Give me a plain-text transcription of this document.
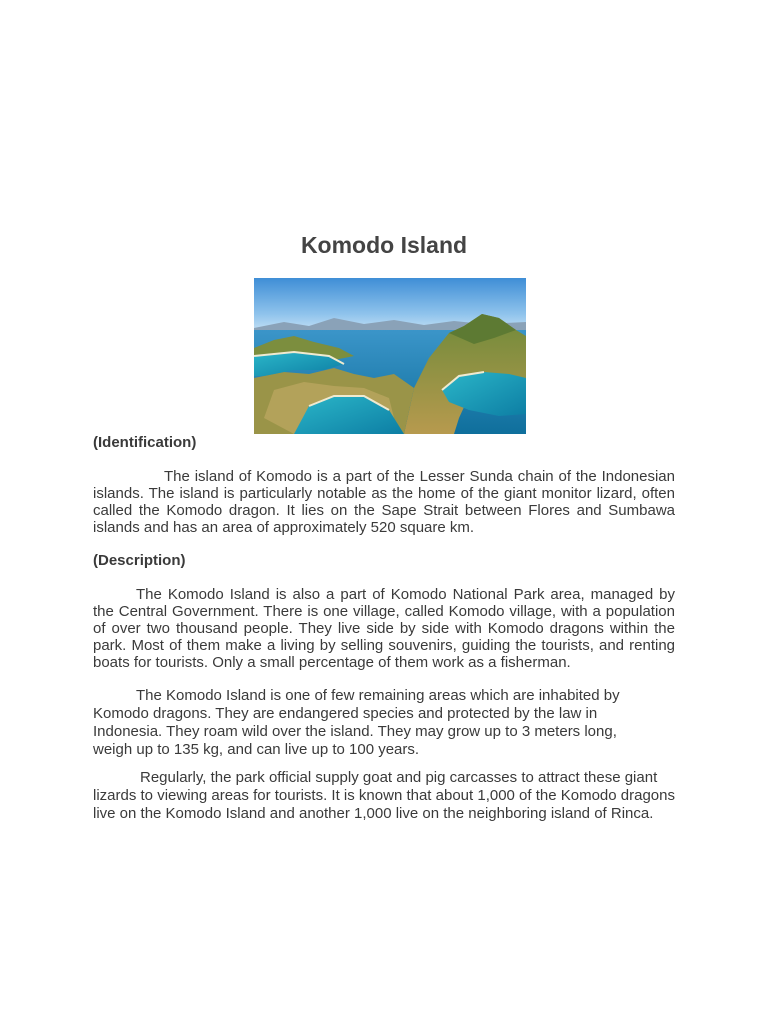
Komodo Island

(Identification)

The island of Komodo is a part of the Lesser Sunda chain of the Indonesian islands. The island is particularly notable as the home of the giant monitor lizard, often called the Komodo dragon. It lies on the Sape Strait between Flores and Sumbawa islands and has an area of approximately 520 square km.

(Description)

The Komodo Island is also a part of Komodo National Park area, managed by the Central Government. There is one village, called Komodo village, with a population of over two thousand people. They live side by side with Komodo dragons within the park. Most of them make a living by selling souvenirs, guiding the tourists, and renting boats for tourists. Only a small percentage of them work as a fisherman.

The Komodo Island is one of few remaining areas which are inhabited by Komodo dragons. They are endangered species and protected by the law in Indonesia. They roam wild over the island. They may grow up to 3 meters long, weigh up to 135 kg, and can live up to 100 years.

Regularly, the park official supply goat and pig carcasses to attract these giant lizards to viewing areas for tourists. It is known that about 1,000 of the Komodo dragons live on the Komodo Island and another 1,000 live on the neighboring island of Rinca.
